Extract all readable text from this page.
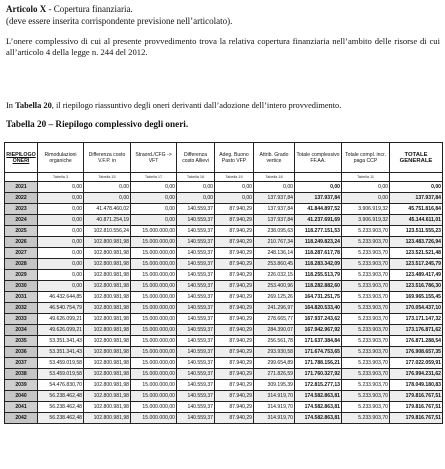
Articolo X - Copertura finanziaria.
(deve essere inserita corrispondente previsione nell’articolato).
L’onere complessivo di cui al presente provvedimento trova la relativa copertura finanziaria nell’ambito delle risorse di cui all’articolo 4 della legge n. 244 del 2012.
In Tabella 20, il riepilogo riassuntivo degli oneri derivanti dall’adozione dell’intero provvedimento.
Tabella 20 – Riepilogo complessivo degli oneri.
RIEPILOGO ONERI	Rimodulazioni organiche	Differenza costo V.F.P. in	Straord./CFG -> VFT	Differenza costo Allievi	Adeg. Buono Pasto VFP	Attrib. Grado vertice	Totale complessivo FF.AA.	Totale compl. incr. paga CCP	TOTALE GENERALE
	Tabella 3	Tabella 15	Tabella 17	Tabella 16	Tabella 19	Tabella 18		Tabella 11	
2021	0,00	0,00	0,00	0,00	0,00	0,00	0,00	0,00	0,00
2022	0,00	0,00	0,00	0,00	0,00	137.937,84	137.937,84	0,00	137.937,84
2023	0,00	41.478.460,02	0,00	140.559,37	87.940,29	137.937,84	41.844.897,52	3.906.919,32	45.751.816,84
2024	0,00	40.871.254,19	0,00	140.559,37	87.940,29	137.937,84	41.237.691,69	3.906.919,32	45.144.611,01
2025	0,00	102.810.556,24	15.000.000,00	140.559,37	87.940,29	238.095,63	118.277.151,53	5.233.903,70	123.511.555,23
2026	0,00	102.800.981,98	15.000.000,00	140.559,37	87.940,29	210.767,34	118.249.823,24	5.233.903,70	123.483.726,94
2027	0,00	102.800.981,98	15.000.000,00	140.559,37	87.940,29	248.136,14	118.287.617,78	5.233.903,70	123.521.521,48
2028	0,00	102.800.981,98	15.000.000,00	140.559,37	87.940,29	253.860,45	118.283.342,09	5.233.903,70	123.517.245,79
2029	0,00	102.800.981,98	15.000.000,00	140.559,37	87.940,29	226.032,15	118.255.513,79	5.233.903,70	123.489.417,49
2030	0,00	102.800.981,98	15.000.000,00	140.559,37	87.940,29	253.400,96	118.282.882,60	5.233.903,70	123.516.786,30
2031	46.432.644,85	102.800.981,98	15.000.000,00	140.559,37	87.940,29	269.125,26	164.731.251,75	5.233.903,70	169.965.155,45
2032	46.540.754,79	102.800.981,98	15.000.000,00	140.559,37	87.940,29	241.296,97	164.820.533,40	5.233.903,70	170.054.437,10
2033	49.626.099,21	102.800.981,98	15.000.000,00	140.559,37	87.940,29	278.665,77	167.937.243,62	5.233.903,70	173.171.147,32
2034	49.626.099,21	102.800.981,98	15.000.000,00	140.559,37	87.940,29	284.390,07	167.942.967,92	5.233.903,70	173.176.871,62
2035	53.351.341,43	102.800.981,98	15.000.000,00	140.559,37	87.940,29	256.561,78	171.637.384,84	5.233.903,70	176.871.288,54
2036	53.351.341,43	102.800.981,98	15.000.000,00	140.559,37	87.940,29	293.930,58	171.674.753,65	5.233.903,70	176.908.657,35
2037	53.459.019,58	102.800.981,98	15.000.000,00	140.559,37	87.940,29	299.654,89	171.788.156,21	5.233.903,70	177.022.059,91
2038	53.459.019,58	102.800.981,98	15.000.000,00	140.559,37	87.940,29	271.826,59	171.760.327,92	5.233.903,70	176.994.231,62
2039	54.476.830,70	102.800.981,98	15.000.000,00	140.559,37	87.940,29	309.195,39	172.815.277,13	5.233.903,70	178.049.180,83
2040	56.238.462,48	102.800.981,98	15.000.000,00	140.559,37	87.940,29	314.919,70	174.582.863,81	5.233.903,70	179.816.767,51
2041	56.238.462,48	102.800.981,98	15.000.000,00	140.559,37	87.940,29	314.919,70	174.582.863,81	5.233.903,70	179.816.767,51
2042	56.238.462,48	102.800.981,98	15.000.000,00	140.559,37	87.940,29	314.919,70	174.582.863,81	5.233.903,70	179.816.767,51
